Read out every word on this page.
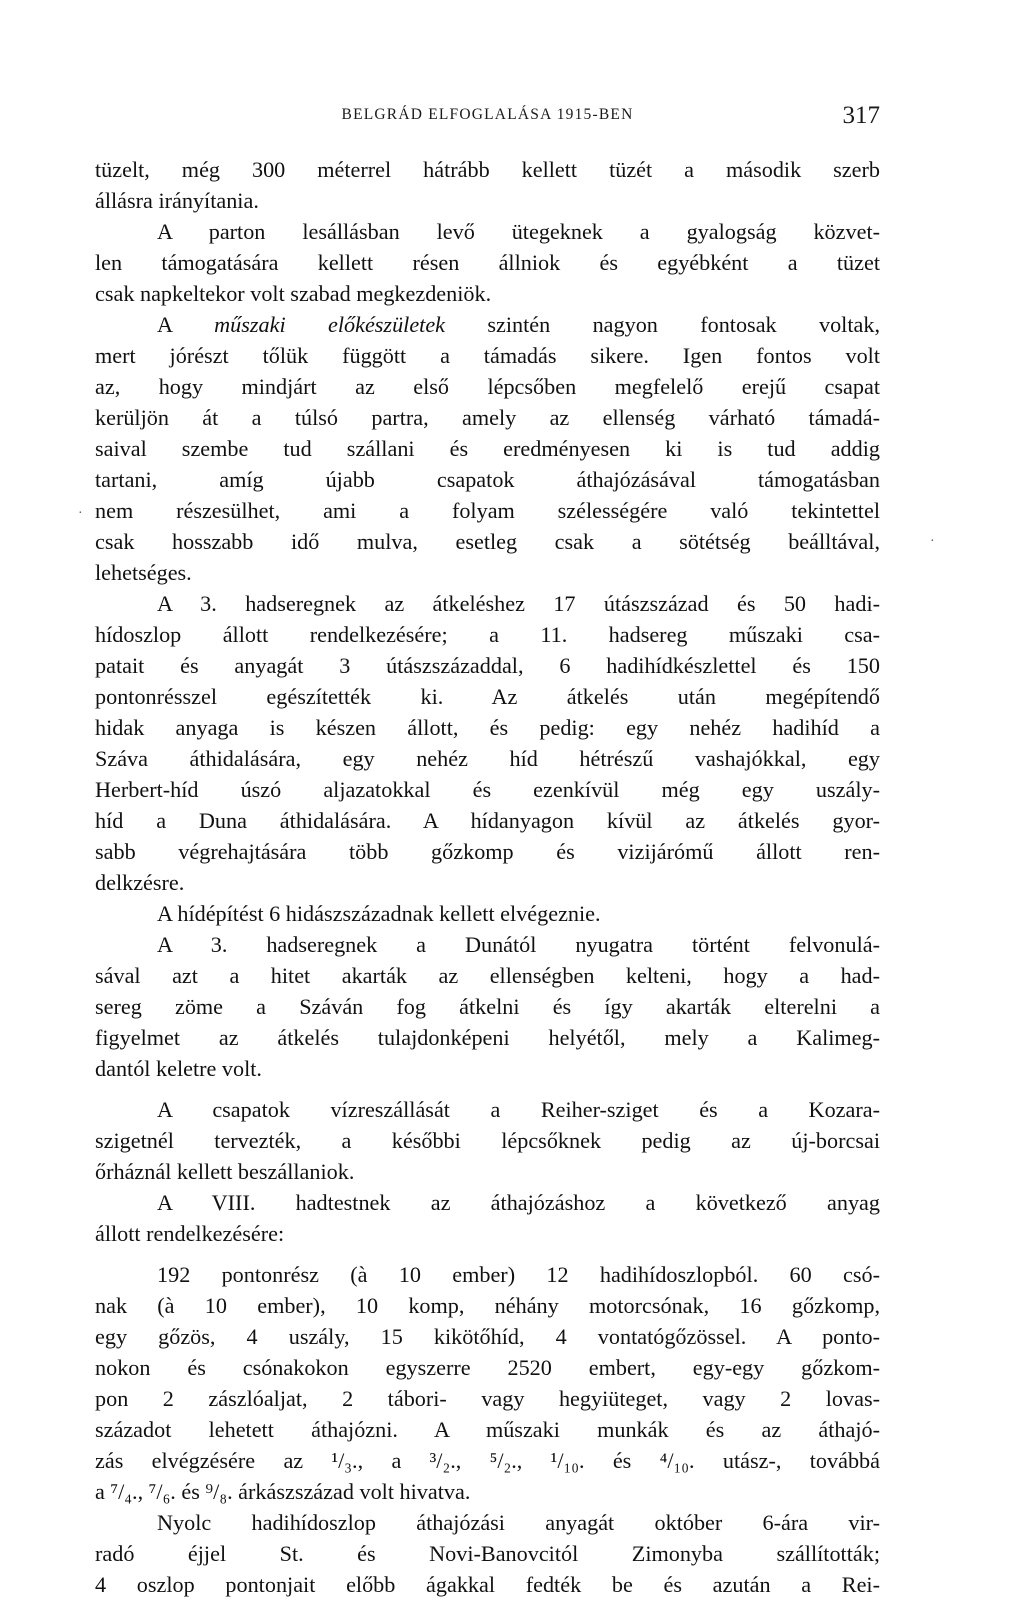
BELGRÁD ELFOGLALÁSA 1915-BEN	317
·
·
tüzelt, még 300 méterrel hátrább kellett tüzét a második szerb
állásra irányítania.
A parton lesállásban levő ütegeknek a gyalogság közvet-
len támogatására kellett résen állniok és egyébként a tüzet
csak napkeltekor volt szabad megkezdeniök.
A műszaki előkészületek szintén nagyon fontosak voltak,
mert jórészt tőlük függött a támadás sikere. Igen fontos volt
az, hogy mindjárt az első lépcsőben megfelelő erejű csapat
kerüljön át a túlsó partra, amely az ellenség várható támadá-
saival szembe tud szállani és eredményesen ki is tud addig
tartani, amíg újabb csapatok áthajózásával támogatásban
nem részesülhet, ami a folyam szélességére való tekintettel
csak hosszabb idő mulva, esetleg csak a sötétség beálltával,
lehetséges.
A 3. hadseregnek az átkeléshez 17 útászszázad és 50 hadi-
hídoszlop állott rendelkezésére; a 11. hadsereg műszaki csa-
patait és anyagát 3 útászszázaddal, 6 hadihídkészlettel és 150
pontonrésszel egészítették ki. Az átkelés után megépítendő
hidak anyaga is készen állott, és pedig: egy nehéz hadihíd a
Száva áthidalására, egy nehéz híd hétrészű vashajókkal, egy
Herbert-híd úszó aljazatokkal és ezenkívül még egy uszály-
híd a Duna áthidalására. A hídanyagon kívül az átkelés gyor-
sabb végrehajtására több gőzkomp és vizijárómű állott ren-
delkzésre.
A hídépítést 6 hidászszázadnak kellett elvégeznie.
A 3. hadseregnek a Dunától nyugatra történt felvonulá-
sával azt a hitet akarták az ellenségben kelteni, hogy a had-
sereg zöme a Száván fog átkelni és így akarták elterelni a
figyelmet az átkelés tulajdonképeni helyétől, mely a Kalimeg-
dantól keletre volt.
A csapatok vízreszállását a Reiher-sziget és a Kozara-
szigetnél tervezték, a későbbi lépcsőknek pedig az új-borcsai
őrháznál kellett beszállaniok.
A VIII. hadtestnek az áthajózáshoz a következő anyag
állott rendelkezésére:
192 pontonrész (à 10 ember) 12 hadihídoszlopból. 60 csó-
nak (à 10 ember), 10 komp, néhány motorcsónak, 16 gőzkomp,
egy gőzös, 4 uszály, 15 kikötőhíd, 4 vontatógőzössel. A ponto-
nokon és csónakokon egyszerre 2520 embert, egy-egy gőzkom-
pon 2 zászlóaljat, 2 tábori- vagy hegyiüteget, vagy 2 lovas-
századot lehetett áthajózni. A műszaki munkák és az áthajó-
zás elvégzésére az ¹/₃., a ³/₂., ⁵/₂., ¹/₁₀. és ⁴/₁₀. utász-, továbbá
a ⁷/₄., ⁷/₆. és ⁹/₈. árkászszázad volt hivatva.
Nyolc hadihídoszlop áthajózási anyagát október 6-ára vir-
radó éjjel St. és Novi-Banovcitól Zimonyba szállították;
4 oszlop pontonjait előbb ágakkal fedték be és azután a Rei-
